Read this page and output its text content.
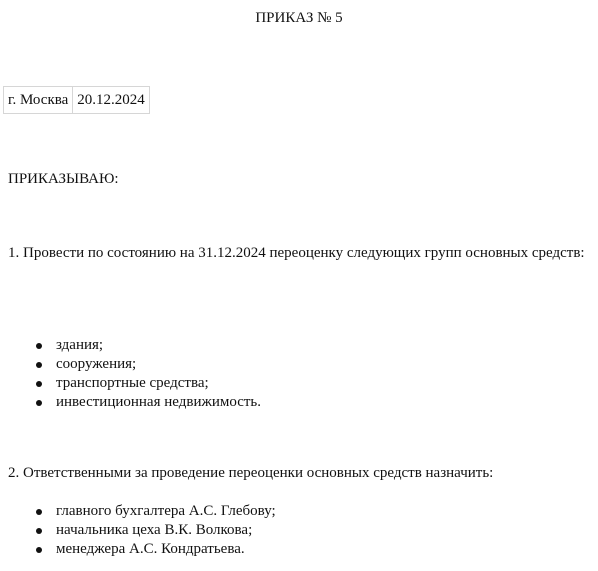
ПРИКАЗ № 5
г. Москва	20.12.2024
ПРИКАЗЫВАЮ:
1. Провести по состоянию на 31.12.2024 переоценку следующих групп основных средств:
здания;
сооружения;
транспортные средства;
инвестиционная недвижимость.
2. Ответственными за проведение переоценки основных средств назначить:
главного бухгалтера А.С. Глебову;
начальника цеха В.К. Волкова;
менеджера А.С. Кондратьева.
